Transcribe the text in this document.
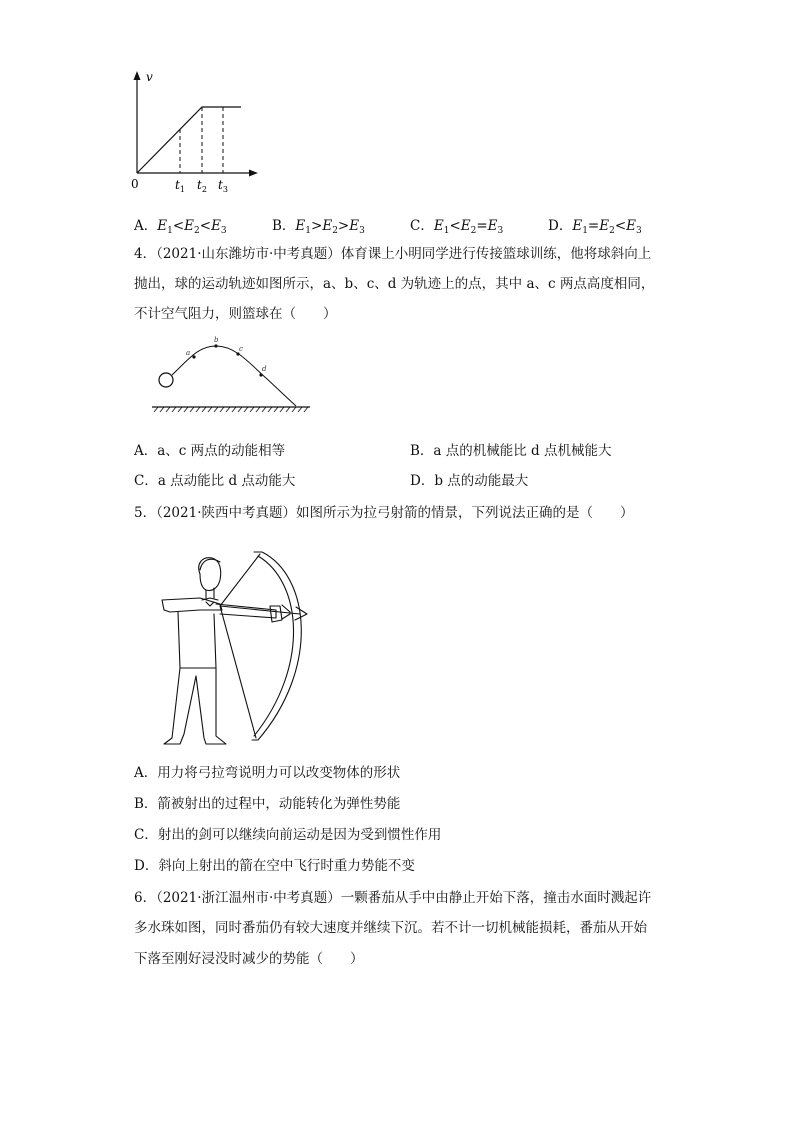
v
0	$t_1$ $t_2$ $t_3$
A．$E_1<E_2<E_3$	B．$E_1>E_2>E_3$	C．$E_1<E_2=E_3$	D．$E_1=E_2<E_3$
4．（2021·山东潍坊市·中考真题）体育课上小明同学进行传接篮球训练，他将球斜向上
抛出，球的运动轨迹如图所示，a、b、c、d 为轨迹上的点，其中 a、c 两点高度相同，
不计空气阻力，则篮球在（　　）
a
b
c
d
A．a、c 两点的动能相等	B．a 点的机械能比 d 点机械能大
C．a 点动能比 d 点动能大	D．b 点的动能最大
5．（2021·陕西中考真题）如图所示为拉弓射箭的情景，下列说法正确的是（　　）
A．用力将弓拉弯说明力可以改变物体的形状
B．箭被射出的过程中，动能转化为弹性势能
C．射出的剑可以继续向前运动是因为受到惯性作用
D．斜向上射出的箭在空中飞行时重力势能不变
6．（2021·浙江温州市·中考真题）一颗番茄从手中由静止开始下落，撞击水面时溅起许
多水珠如图，同时番茄仍有较大速度并继续下沉。若不计一切机械能损耗，番茄从开始
下落至刚好浸没时减少的势能（　　）
